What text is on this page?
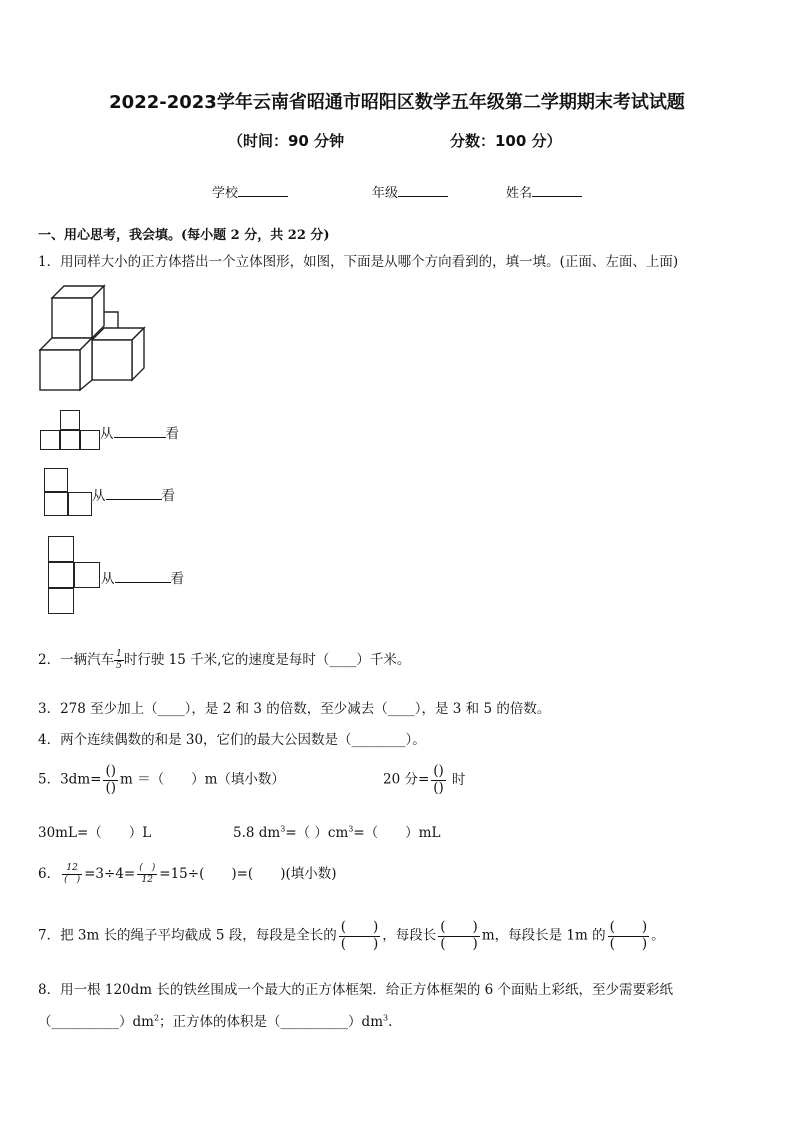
2022-2023学年云南省昭通市昭阳区数学五年级第二学期期末考试试题
（时间：90 分钟	分数：100 分）
学校	年级	姓名
一、用心思考，我会填。(每小题 2 分，共 22 分)
1．用同样大小的正方体搭出一个立体图形，如图，下面是从哪个方向看到的，填一填。(正面、左面、上面)
从	看
从	看
从	看
2．一辆汽车 $\frac{1}{5}$ 时行驶 15 千米,它的速度是每时（____）千米。
3．278 至少加上（____），是 2 和 3 的倍数，至少减去（____），是 3 和 5 的倍数。
4．两个连续偶数的和是 30，它们的最大公因数是（________）。
5．$3dm= \frac{()}{()}$ m ＝（　　）m（填小数）	20 分= $\frac{()}{()}$ 时
30mL=（　　）L	5.8 $dm^3=$（ ）$cm^3=$（　　）mL
6． $\frac{12}{( )} =3\div 4= \frac{( )}{12} =15\div$(　　)=(　　)(填小数)
7．把 3m 长的绳子平均截成 5 段，每段是全长的 $\frac{( )}{( )}$ ，每段长 $\frac{( )}{( )}$ m，每段长是 1m 的 $\frac{( )}{( )}$ 。
8．用一根 120dm 长的铁丝围成一个最大的正方体框架．给正方体框架的 6 个面贴上彩纸，至少需要彩纸
$(\_\_\_\_\_\_\_\_\_\_)dm^2$；正方体的体积是$(\_\_\_\_\_\_\_\_\_\_)dm^3$.
